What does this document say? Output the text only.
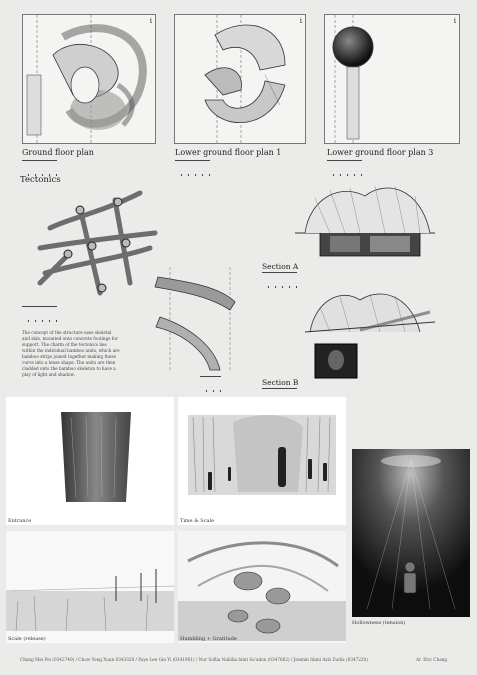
i
Ground floor plan
i
Lower ground floor plan 1
i
Lower ground floor plan 3
Tectonics
The concept of the structure uses skeletal and skin, mounted onto concrete footings for support. The charm of the tectonics lies within the individual bamboo units, which are bamboo strips joined together making these curve into a lense shape. The units are then cladded onto the bamboo skeleton to have a play of light and shadow.
Section A
Section B
Entrance	Time & Scale
Scale (release)	Humbling + Gratitude
Hollowness (tension)
Chang Mei Pei (0342740) / Chow Yong Xuan 0343328 / Faye Lee Gin Yi (0341961) / Nur Sofiia Nabilia binti Sa'adon (0347662) / Jessnin Idani Aziz Zudia (0347220)	Ar. Eric Chang
